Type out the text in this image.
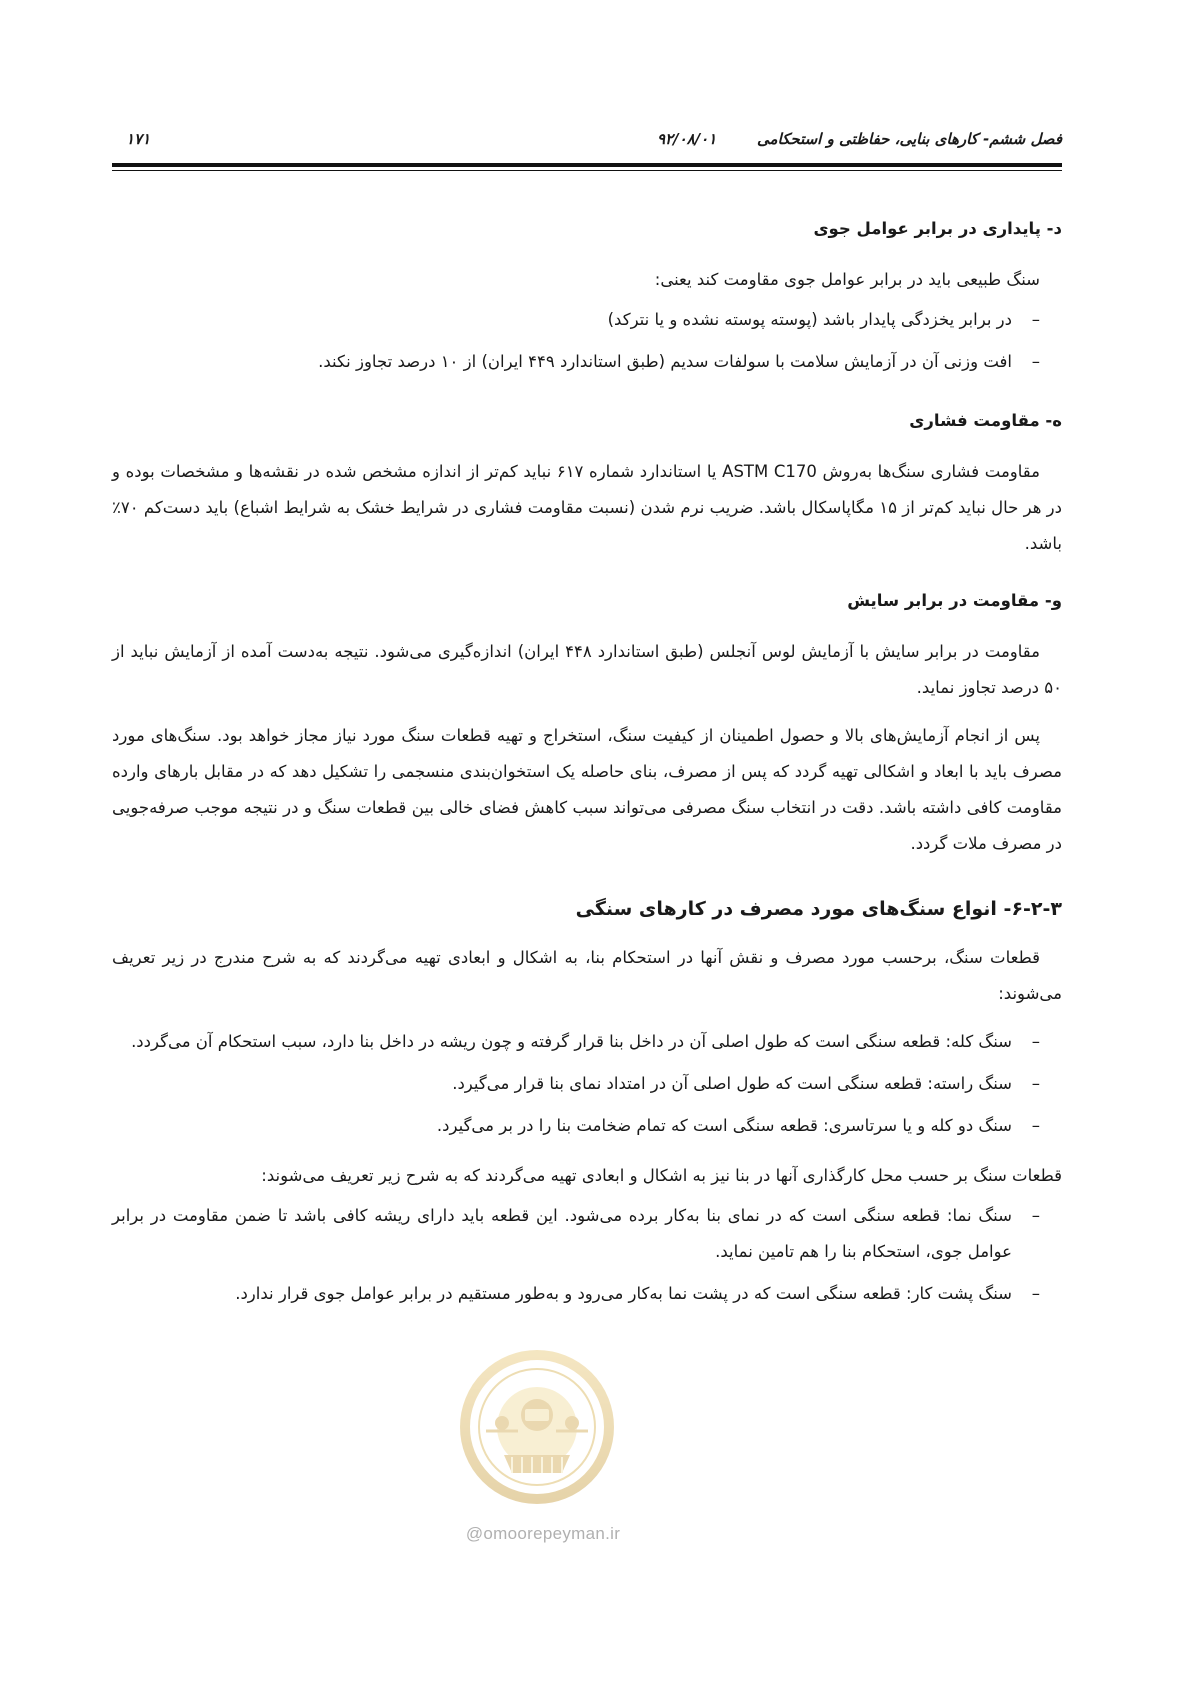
فصل ششم- کارهای بنایی، حفاظتی و استحکامی
۹۲/۰۸/۰۱
۱۷۱
د- پایداری در برابر عوامل جوی
سنگ طبیعی باید در برابر عوامل جوی مقاومت کند یعنی:
–
در برابر یخزدگی پایدار باشد (پوسته پوسته نشده و یا نترکد)
–
افت وزنی آن در آزمایش سلامت با سولفات سدیم (طبق استاندارد ۴۴۹ ایران) از ۱۰ درصد تجاوز نکند.
ه- مقاومت فشاری
مقاومت فشاری سنگ‌ها به‌روش ASTM C170 یا استاندارد شماره ۶۱۷ نباید کم‌تر از اندازه مشخص شده در نقشه‌ها و مشخصات بوده و در هر حال نباید کم‌تر از ۱۵ مگاپاسکال باشد. ضریب نرم شدن (نسبت مقاومت فشاری در شرایط خشک به شرایط اشباع) باید دست‌کم ۷۰٪ باشد.
و- مقاومت در برابر سایش
مقاومت در برابر سایش با آزمایش لوس آنجلس (طبق استاندارد ۴۴۸ ایران) اندازه‌گیری می‌شود. نتیجه به‌دست آمده از آزمایش نباید از ۵۰ درصد تجاوز نماید.
پس از انجام آزمایش‌های بالا و حصول اطمینان از کیفیت سنگ، استخراج و تهیه قطعات سنگ مورد نیاز مجاز خواهد بود. سنگ‌های مورد مصرف باید با ابعاد و اشکالی تهیه گردد که پس از مصرف، بنای حاصله یک استخوان‌بندی منسجمی را تشکیل دهد که در مقابل بارهای وارده مقاومت کافی داشته باشد. دقت در انتخاب سنگ مصرفی می‌تواند سبب کاهش فضای خالی بین قطعات سنگ و در نتیجه موجب صرفه‌جویی در مصرف ملات گردد.
۶-۲-۳- انواع سنگ‌های مورد مصرف در کارهای سنگی
قطعات سنگ، برحسب مورد مصرف و نقش آنها در استحکام بنا، به اشکال و ابعادی تهیه می‌گردند که به شرح مندرج در زیر تعریف می‌شوند:
–
سنگ کله: قطعه سنگی است که طول اصلی آن در داخل بنا قرار گرفته و چون ریشه در داخل بنا دارد، سبب استحکام آن می‌گردد.
–
سنگ راسته: قطعه سنگی است که طول اصلی آن در امتداد نمای بنا قرار می‌گیرد.
–
سنگ دو کله و یا سرتاسری: قطعه سنگی است که تمام ضخامت بنا را در بر می‌گیرد.
قطعات سنگ بر حسب محل کارگذاری آنها در بنا نیز به اشکال و ابعادی تهیه می‌گردند که به شرح زیر تعریف می‌شوند:
–
سنگ نما: قطعه سنگی است که در نمای بنا به‌کار برده می‌شود. این قطعه باید دارای ریشه کافی باشد تا ضمن مقاومت در برابر عوامل جوی، استحکام بنا را هم تامین نماید.
–
سنگ پشت کار: قطعه سنگی است که در پشت نما به‌کار می‌رود و به‌طور مستقیم در برابر عوامل جوی قرار ندارد.
@omoorepeyman.ir
